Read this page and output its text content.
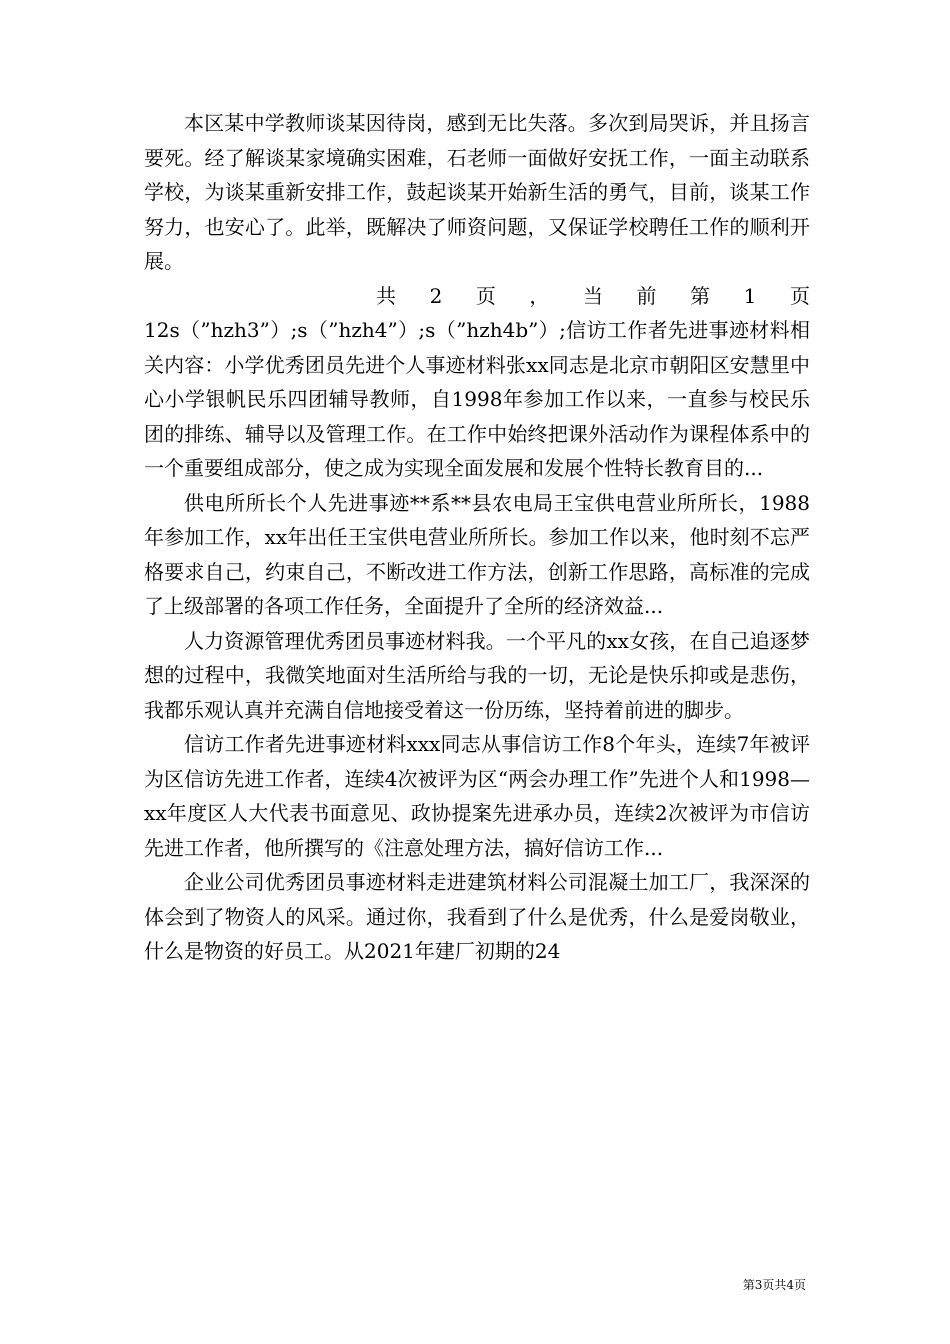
本区某中学教师谈某因待岗，感到无比失落。多次到局哭诉，并且扬言要死。经了解谈某家境确实困难，石老师一面做好安抚工作，一面主动联系学校，为谈某重新安排工作，鼓起谈某开始新生活的勇气，目前，谈某工作努力，也安心了。此举，既解决了师资问题，又保证学校聘任工作的顺利开展。

共 2 页 ， 当 前 第 1 页

12s（”hzh3”）;s（”hzh4”）;s（”hzh4b”）;信访工作者先进事迹材料相关内容：小学优秀团员先进个人事迹材料张xx同志是北京市朝阳区安慧里中心小学银帆民乐四团辅导教师，自1998年参加工作以来，一直参与校民乐团的排练、辅导以及管理工作。在工作中始终把课外活动作为课程体系中的一个重要组成部分，使之成为实现全面发展和发展个性特长教育目的...

供电所所长个人先进事迹**系**县农电局王宝供电营业所所长，1988年参加工作，xx年出任王宝供电营业所所长。参加工作以来，他时刻不忘严格要求自己，约束自己，不断改进工作方法，创新工作思路，高标准的完成了上级部署的各项工作任务，全面提升了全所的经济效益...

人力资源管理优秀团员事迹材料我。一个平凡的xx女孩，在自己追逐梦想的过程中，我微笑地面对生活所给与我的一切，无论是快乐抑或是悲伤，我都乐观认真并充满自信地接受着这一份历练，坚持着前进的脚步。

信访工作者先进事迹材料xxx同志从事信访工作8个年头，连续7年被评为区信访先进工作者，连续4次被评为区“两会办理工作”先进个人和1998—xx年度区人大代表书面意见、政协提案先进承办员，连续2次被评为市信访先进工作者，他所撰写的《注意处理方法，搞好信访工作...

企业公司优秀团员事迹材料走进建筑材料公司混凝土加工厂，我深深的体会到了物资人的风采。通过你，我看到了什么是优秀，什么是爱岗敬业，什么是物资的好员工。从2021年建厂初期的24

第3页共4页
